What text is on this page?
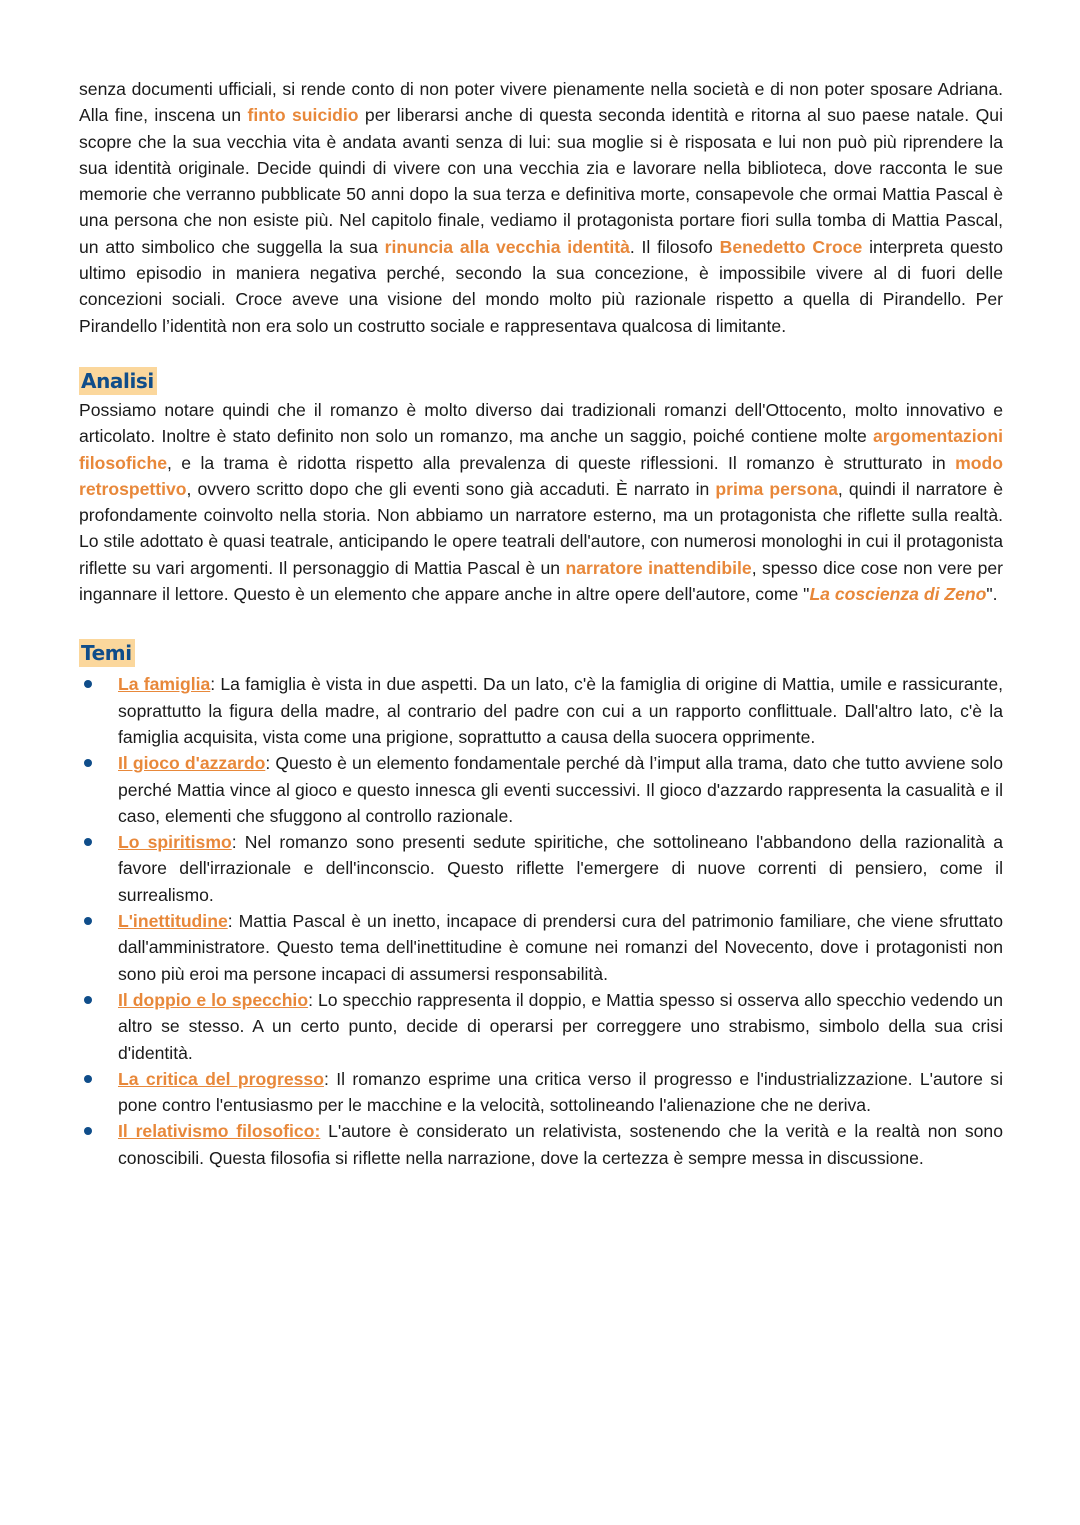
senza documenti ufficiali, si rende conto di non poter vivere pienamente nella società e di non poter sposare Adriana. Alla fine, inscena un finto suicidio per liberarsi anche di questa seconda identità e ritorna al suo paese natale. Qui scopre che la sua vecchia vita è andata avanti senza di lui: sua moglie si è risposata e lui non può più riprendere la sua identità originale. Decide quindi di vivere con una vecchia zia e lavorare nella biblioteca, dove racconta le sue memorie che verranno pubblicate 50 anni dopo la sua terza e definitiva morte, consapevole che ormai Mattia Pascal è una persona che non esiste più. Nel capitolo finale, vediamo il protagonista portare fiori sulla tomba di Mattia Pascal, un atto simbolico che suggella la sua rinuncia alla vecchia identità. Il filosofo Benedetto Croce interpreta questo ultimo episodio in maniera negativa perché, secondo la sua concezione, è impossibile vivere al di fuori delle concezioni sociali. Croce aveve una visione del mondo molto più razionale rispetto a quella di Pirandello. Per Pirandello l’identità non era solo un costrutto sociale e rappresentava qualcosa di limitante.

Analisi

Possiamo notare quindi che il romanzo è molto diverso dai tradizionali romanzi dell'Ottocento, molto innovativo e articolato. Inoltre è stato definito non solo un romanzo, ma anche un saggio, poiché contiene molte argomentazioni filosofiche, e la trama è ridotta rispetto alla prevalenza di queste riflessioni. Il romanzo è strutturato in modo retrospettivo, ovvero scritto dopo che gli eventi sono già accaduti. È narrato in prima persona, quindi il narratore è profondamente coinvolto nella storia. Non abbiamo un narratore esterno, ma un protagonista che riflette sulla realtà. Lo stile adottato è quasi teatrale, anticipando le opere teatrali dell'autore, con numerosi monologhi in cui il protagonista riflette su vari argomenti. Il personaggio di Mattia Pascal è un narratore inattendibile, spesso dice cose non vere per ingannare il lettore. Questo è un elemento che appare anche in altre opere dell'autore, come "La coscienza di Zeno".

Temi
La famiglia: La famiglia è vista in due aspetti. Da un lato, c'è la famiglia di origine di Mattia, umile e rassicurante, soprattutto la figura della madre, al contrario del padre con cui a un rapporto conflittuale. Dall'altro lato, c'è la famiglia acquisita, vista come una prigione, soprattutto a causa della suocera opprimente.
Il gioco d'azzardo: Questo è un elemento fondamentale perché dà l’imput alla trama, dato che tutto avviene solo perché Mattia vince al gioco e questo innesca gli eventi successivi. Il gioco d'azzardo rappresenta la casualità e il caso, elementi che sfuggono al controllo razionale.
Lo spiritismo: Nel romanzo sono presenti sedute spiritiche, che sottolineano l'abbandono della razionalità a favore dell'irrazionale e dell'inconscio. Questo riflette l'emergere di nuove correnti di pensiero, come il surrealismo.
L'inettitudine: Mattia Pascal è un inetto, incapace di prendersi cura del patrimonio familiare, che viene sfruttato dall'amministratore. Questo tema dell'inettitudine è comune nei romanzi del Novecento, dove i protagonisti non sono più eroi ma persone incapaci di assumersi responsabilità.
Il doppio e lo specchio: Lo specchio rappresenta il doppio, e Mattia spesso si osserva allo specchio vedendo un altro se stesso. A un certo punto, decide di operarsi per correggere uno strabismo, simbolo della sua crisi d'identità.
La critica del progresso: Il romanzo esprime una critica verso il progresso e l'industrializzazione. L'autore si pone contro l'entusiasmo per le macchine e la velocità, sottolineando l'alienazione che ne deriva.
Il relativismo filosofico: L'autore è considerato un relativista, sostenendo che la verità e la realtà non sono conoscibili. Questa filosofia si riflette nella narrazione, dove la certezza è sempre messa in discussione.
